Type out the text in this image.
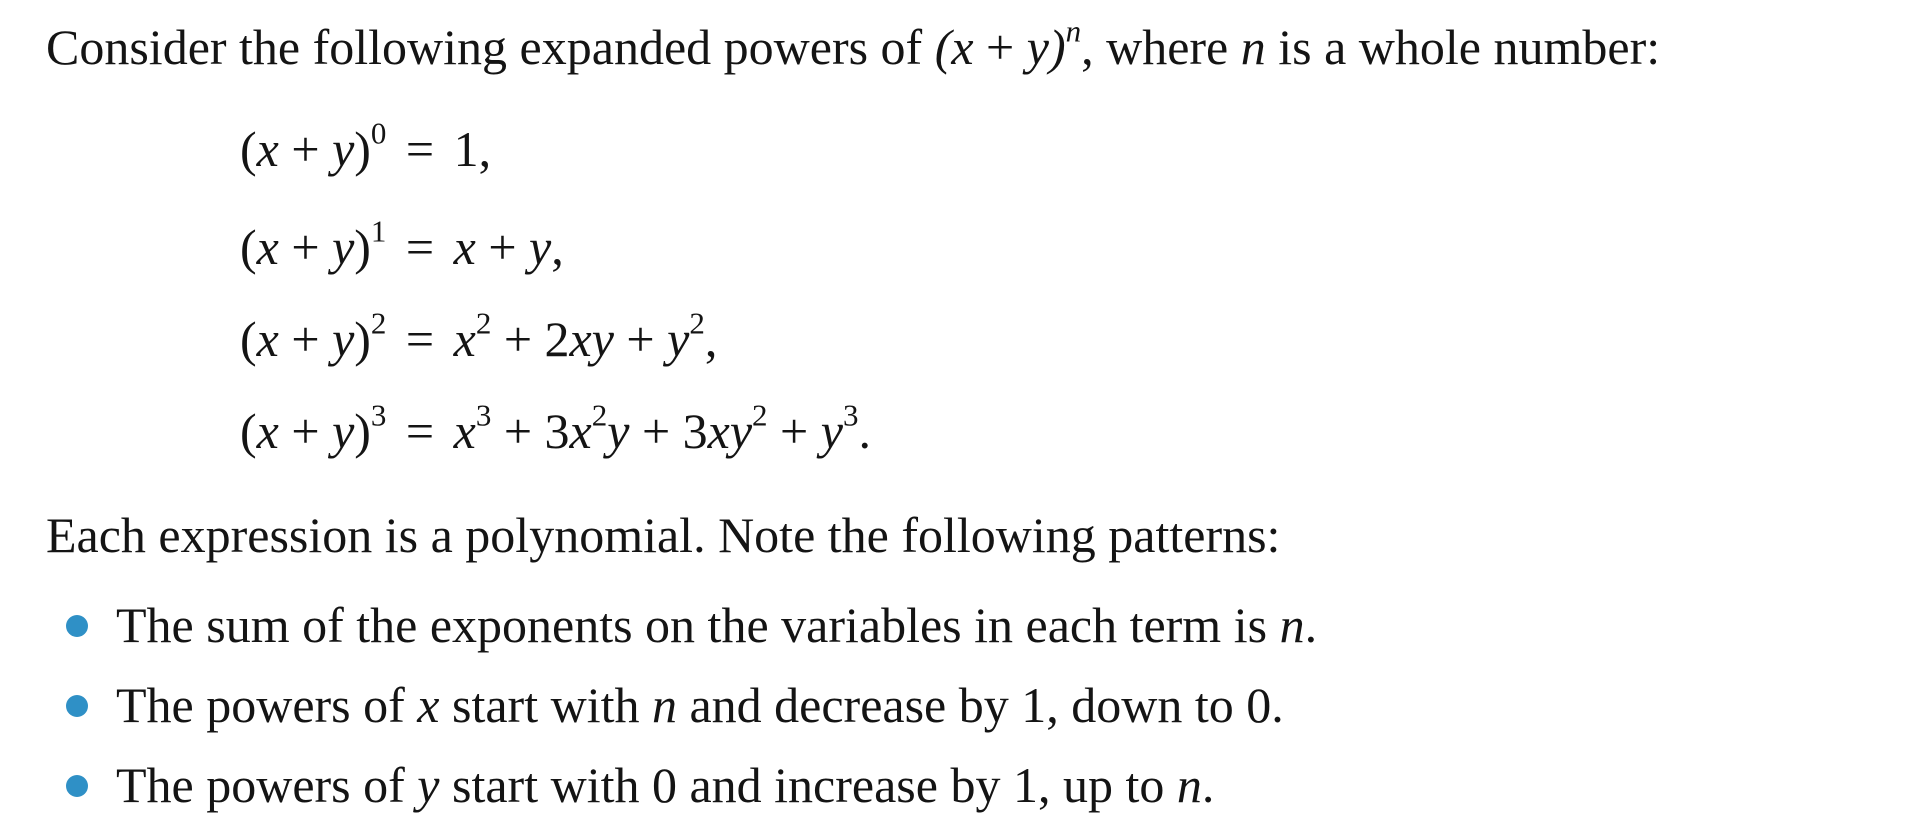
Consider the following expanded powers of $(x + y)^n$, where n is a whole number:
$(x + y)^0 = 1$,
$(x + y)^1 = x + y$,
$(x + y)^2 = x^2 + 2xy + y^2$,
$(x + y)^3 = x^3 + 3x^2y + 3xy^2 + y^3$.
Each expression is a polynomial. Note the following patterns:
The sum of the exponents on the variables in each term is n.
The powers of x start with n and decrease by 1, down to 0.
The powers of y start with 0 and increase by 1, up to n.
